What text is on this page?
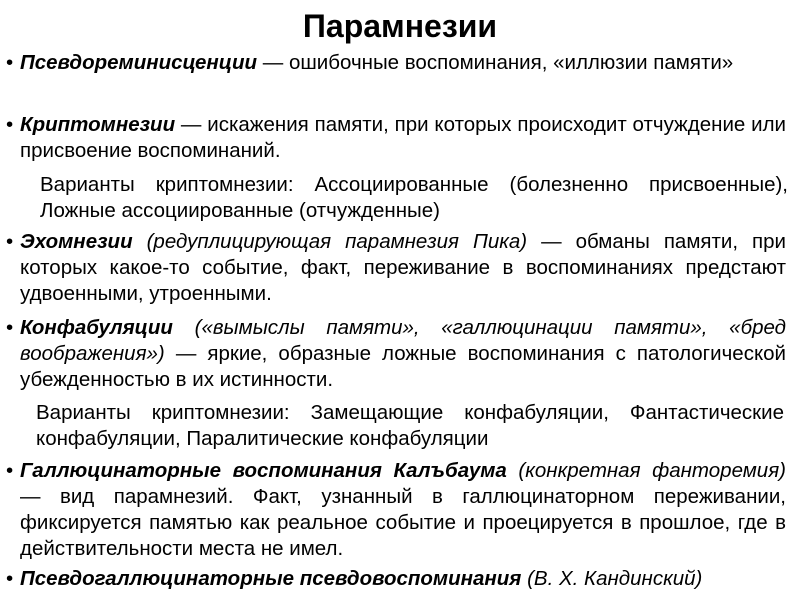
Парамнезии
• Псевдореминисценции — ошибочные воспоминания, «иллюзии памяти»
• Криптомнезии — искажения памяти, при которых происходит отчуждение или присвоение воспоминаний.
Варианты криптомнезии: Ассоциированные (болезненно присвоенные), Ложные ассоциированные (отчужденные)
• Эхомнезии (редуплицирующая парамнезия Пика) — обманы памяти, при которых какое-то событие, факт, переживание в воспоминаниях предстают удвоенными, утроенными.
• Конфабуляции («вымыслы памяти», «галлюцинации памяти», «бред воображения») — яркие, образные ложные воспоминания с патологической убежденностью в их истинности.
Варианты криптомнезии: Замещающие конфабуляции, Фантастические конфабуляции, Паралитические конфабуляции
• Галлюцинаторные воспоминания Калъбаума (конкретная фанторемия) — вид парамнезий. Факт, узнанный в галлюцинаторном переживании, фиксируется памятью как реальное событие и проецируется в прошлое, где в действительности места не имел.
• Псевдогаллюцинаторные псевдовоспоминания (В. Х. Кандинский)
